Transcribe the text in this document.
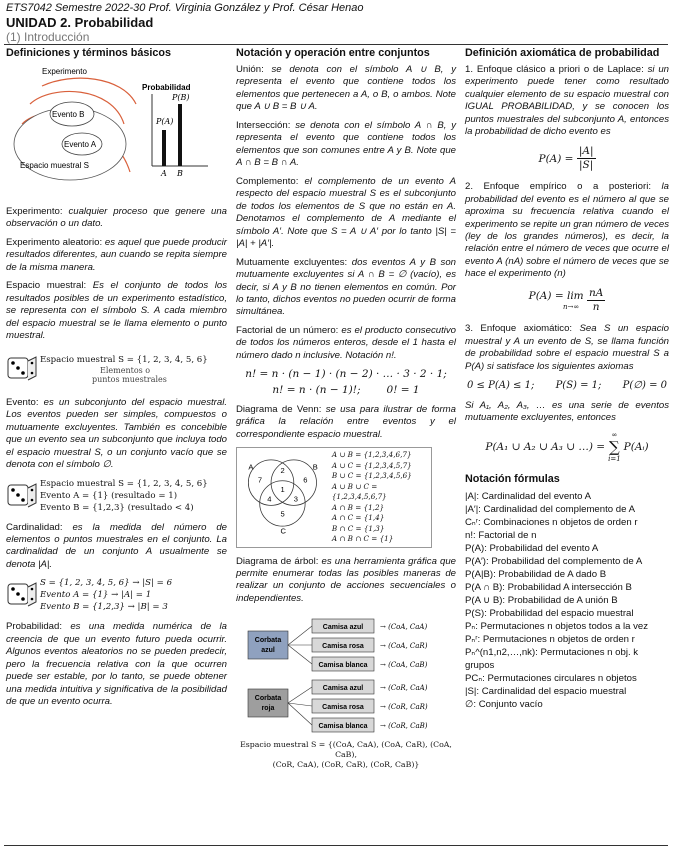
ETS7042 Semestre 2022-30 Prof. Virginia González y Prof. César Henao
UNIDAD 2. Probabilidad
(1) Introducción
Definiciones y términos básicos
Experimento
Evento B
Evento A
Espacio muestral S
Probabilidad
P(A)
P(B)
A B

Experimento: cualquier proceso que genere una observación o un dato.

Experimento aleatorio: es aquel que puede producir resultados diferentes, aun cuando se repita siempre de la misma manera.

Espacio muestral: Es el conjunto de todos los resultados posibles de un experimento estadístico, se representa con el símbolo S. A cada miembro del espacio muestral se le llama elemento o punto muestral.

Espacio muestral S = {1, 2, 3, 4, 5, 6}
Elementos o
puntos muestrales

Evento: es un subconjunto del espacio muestral. Los eventos pueden ser simples, compuestos o mutuamente excluyentes. También es concebible que un evento sea un subconjunto que incluya todo el espacio muestral S, o un conjunto vacío que se denota con el símbolo ∅.

Espacio muestral S = {1, 2, 3, 4, 5, 6}
Evento A = {1} (resultado = 1)
Evento B = {1,2,3} (resultado < 4)

Cardinalidad: es la medida del número de elementos o puntos muestrales en el conjunto. La cardinalidad de un conjunto A usualmente se denota |A|.

S = {1, 2, 3, 4, 5, 6} → |S| = 6
Evento A = {1} → |A| = 1
Evento B = {1,2,3} → |B| = 3

Probabilidad: es una medida numérica de la creencia de que un evento futuro pueda ocurrir. Algunos eventos aleatorios no se pueden predecir, pero la frecuencia relativa con la que ocurren puede ser estable, por lo tanto, se puede obtener una medida intuitiva y significativa de la posibilidad de que un evento ocurra.

Notación y operación entre conjuntos

Unión: se denota con el símbolo A ∪ B, y representa el evento que contiene todos los elementos que pertenecen a A, o B, o ambos. Note que A ∪ B = B ∪ A.

Intersección: se denota con el símbolo A ∩ B, y representa el evento que contiene todos los elementos que son comunes entre A y B. Note que A ∩ B = B ∩ A.

Complemento: el complemento de un evento A respecto del espacio muestral S es el subconjunto de todos los elementos de S que no están en A. Denotamos el complemento de A mediante el símbolo A′. Note que S = A ∪ A′ por lo tanto |S| = |A| + |A′|.

Mutuamente excluyentes: dos eventos A y B son mutuamente excluyentes si A ∩ B = ∅ (vacío), es decir, si A y B no tienen elementos en común. Por lo tanto, dichos eventos no pueden ocurrir de forma simultánea.

Factorial de un número: es el producto consecutivo de todos los números enteros, desde el 1 hasta el número dado n inclusive. Notación n!.

n! = n · (n − 1) · (n − 2) · … · 3 · 2 · 1;
n! = n · (n − 1)!; 0! = 1

Diagrama de Venn: se usa para ilustrar de forma gráfica la relación entre eventos y el correspondiente espacio muestral.

A	B
C
7
2
6
1
3
4
5
A ∪ B = {1,2,3,4,6,7}
A ∪ C = {1,2,3,4,5,7}
B ∪ C = {1,2,3,4,5,6}
A ∪ B ∪ C = {1,2,3,4,5,6,7}
A ∩ B = {1,2}
A ∩ C = {1,4}
B ∩ C = {1,3}
A ∩ B ∩ C = {1}

Diagrama de árbol: es una herramienta gráfica que permite enumerar todas las posibles maneras de realizar un conjunto de acciones secuenciales o independientes.

Corbata
azul
Corbata
roja
Camisa azul → (CoA, CaA)
Camisa rosa → (CoA, CaR)
Camisa blanca → (CoA, CaB)
Camisa azul → (CoR, CaA)
Camisa rosa → (CoR, CaR)
Camisa blanca → (CoR, CaB)
Espacio muestral S = {(CoA, CaA), (CoA, CaR), (CoA, CaB),
(CoR, CaA), (CoR, CaR), (CoR, CaB)}
Definición axiomática de probabilidad

1. Enfoque clásico a priori o de Laplace: si un experimento puede tener como resultado cualquier elemento de su espacio muestral con IGUAL PROBABILIDAD, y se conocen los puntos muestrales del subconjunto A, entonces la probabilidad de dicho evento es

$P(A) = \frac{|A|}{|S|}$

2. Enfoque empírico o a posteriori: la probabilidad del evento es el número al que se aproxima su frecuencia relativa cuando el experimento se repite un gran número de veces (ley de los grandes números), es decir, la relación entre el número de veces que ocurre el evento A (nA) sobre el número de veces que se hace el experimento (n)

P(A) = lim
n→∞
$\frac{nA}{n}$

3. Enfoque axiomático: Sea S un espacio muestral y A un evento de S, se llama función de probabilidad sobre el espacio muestral S a P(A) si satisface los siguientes axiomas

0 ≤ P(A) ≤ 1; P(S) = 1; P(∅) = 0

Si A₁, A₂, A₃, … es una serie de eventos mutuamente excluyentes, entonces

P(A₁ ∪ A₂ ∪ A₃ ∪ …) =
∞
∑
i=1
P(Aᵢ)
Notación fórmulas
|A|: Cardinalidad del evento A
|A′|: Cardinalidad del complemento de A
Cₙʳ: Combinaciones n objetos de orden r
n!: Factorial de n
P(A): Probabilidad del evento A
P(A′): Probabilidad del complemento de A
P(A|B): Probabilidad de A dado B
P(A ∩ B): Probabilidad A intersección B
P(A ∪ B): Probabilidad de A unión B
P(S): Probabilidad del espacio muestral
Pₙ: Permutaciones n objetos todos a la vez
Pₙʳ: Permutaciones n objetos de orden r
Pₙ^(n1,n2,…,nk): Permutaciones n obj. k grupos
PCₙ: Permutaciones circulares n objetos
|S|: Cardinalidad del espacio muestral
∅: Conjunto vacío
